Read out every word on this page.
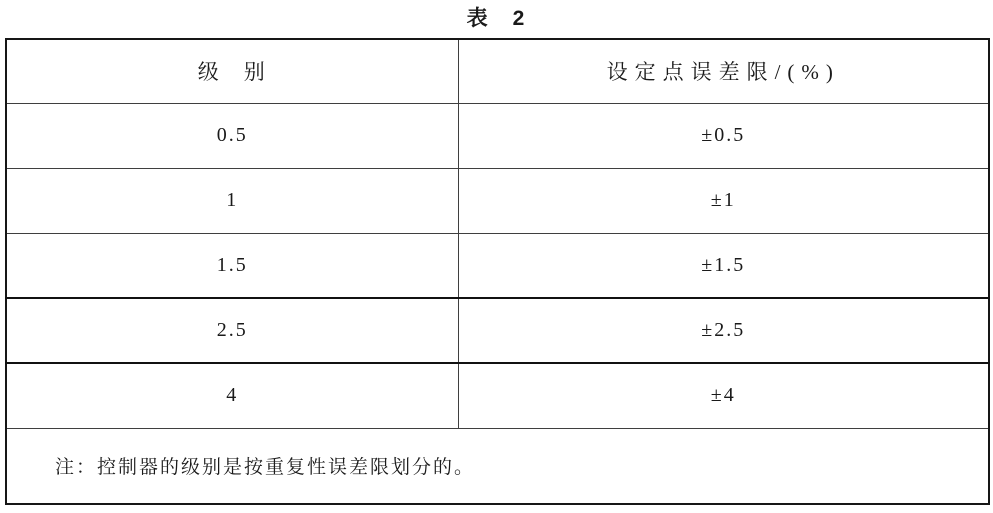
表　2
级　别	设定点误差限/(%)
0.5	±0.5
1	±1
1.5	±1.5
2.5	±2.5
4	±4
注：控制器的级别是按重复性误差限划分的。	
